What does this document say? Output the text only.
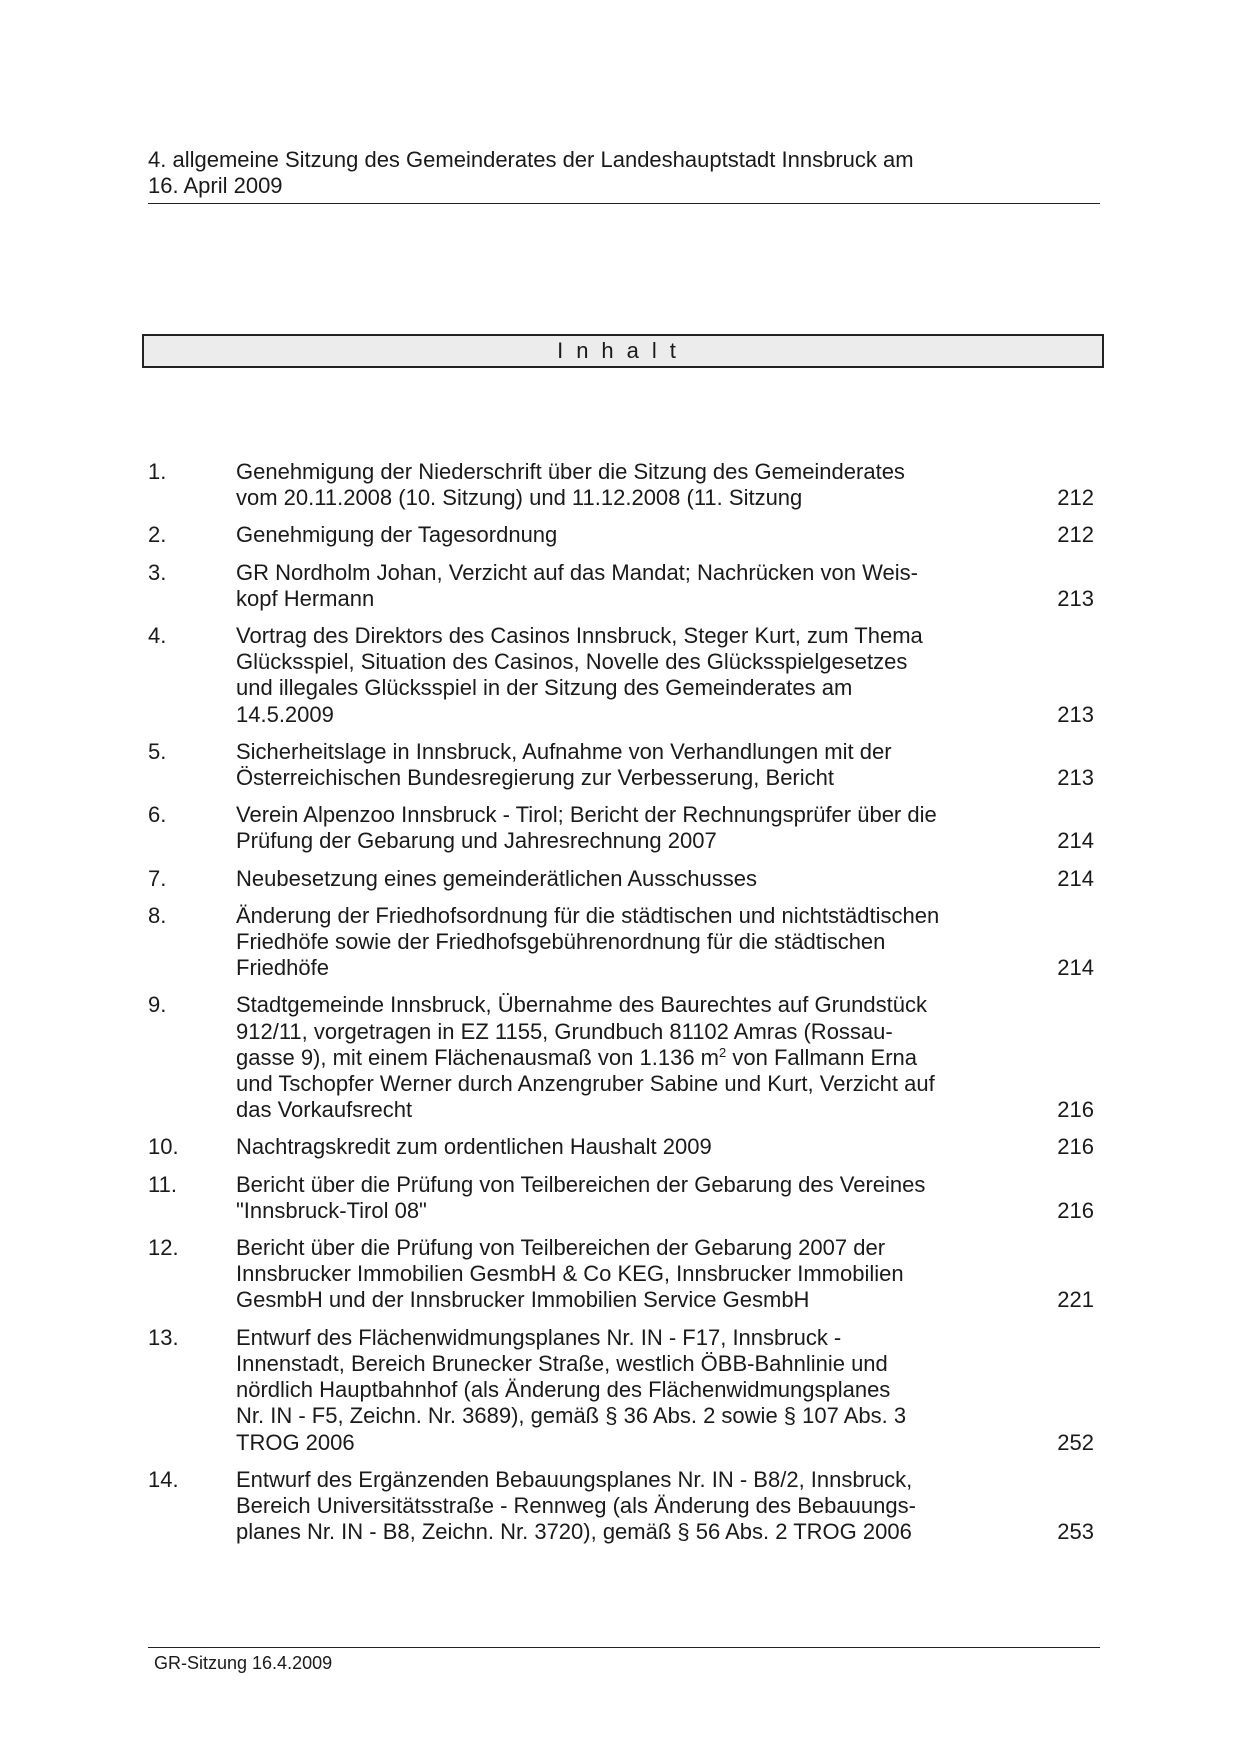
4. allgemeine Sitzung des Gemeinderates der Landeshauptstadt Innsbruck am
16. April 2009
Inhalt
1.	Genehmigung der Niederschrift über die Sitzung des Gemeinderates
vom 20.11.2008 (10. Sitzung) und 11.12.2008 (11. Sitzung	212
2.	Genehmigung der Tagesordnung	212
3.	GR Nordholm Johan, Verzicht auf das Mandat; Nachrücken von Weis-
kopf Hermann	213
4.	Vortrag des Direktors des Casinos Innsbruck, Steger Kurt, zum Thema
Glücksspiel, Situation des Casinos, Novelle des Glücksspielgesetzes
und illegales Glücksspiel in der Sitzung des Gemeinderates am
14.5.2009	213
5.	Sicherheitslage in Innsbruck, Aufnahme von Verhandlungen mit der
Österreichischen Bundesregierung zur Verbesserung, Bericht	213
6.	Verein Alpenzoo Innsbruck - Tirol; Bericht der Rechnungsprüfer über die
Prüfung der Gebarung und Jahresrechnung 2007	214
7.	Neubesetzung eines gemeinderätlichen Ausschusses	214
8.	Änderung der Friedhofsordnung für die städtischen und nichtstädtischen
Friedhöfe sowie der Friedhofsgebührenordnung für die städtischen
Friedhöfe	214
9.	Stadtgemeinde Innsbruck, Übernahme des Baurechtes auf Grundstück
912/11, vorgetragen in EZ 1155, Grundbuch 81102 Amras (Rossau-
gasse 9), mit einem Flächenausmaß von 1.136 $m^2$ von Fallmann Erna
und Tschopfer Werner durch Anzengruber Sabine und Kurt, Verzicht auf
das Vorkaufsrecht	216
10.	Nachtragskredit zum ordentlichen Haushalt 2009	216
11.	Bericht über die Prüfung von Teilbereichen der Gebarung des Vereines
"Innsbruck-Tirol 08"	216
12.	Bericht über die Prüfung von Teilbereichen der Gebarung 2007 der
Innsbrucker Immobilien GesmbH & Co KEG, Innsbrucker Immobilien
GesmbH und der Innsbrucker Immobilien Service GesmbH	221
13.	Entwurf des Flächenwidmungsplanes Nr. IN - F17, Innsbruck -
Innenstadt, Bereich Brunecker Straße, westlich ÖBB-Bahnlinie und
nördlich Hauptbahnhof (als Änderung des Flächenwidmungsplanes
Nr. IN - F5, Zeichn. Nr. 3689), gemäß § 36 Abs. 2 sowie § 107 Abs. 3
TROG 2006	252
14.	Entwurf des Ergänzenden Bebauungsplanes Nr. IN - B8/2, Innsbruck,
Bereich Universitätsstraße - Rennweg (als Änderung des Bebauungs-
planes Nr. IN - B8, Zeichn. Nr. 3720), gemäß § 56 Abs. 2 TROG 2006	253
GR-Sitzung 16.4.2009
